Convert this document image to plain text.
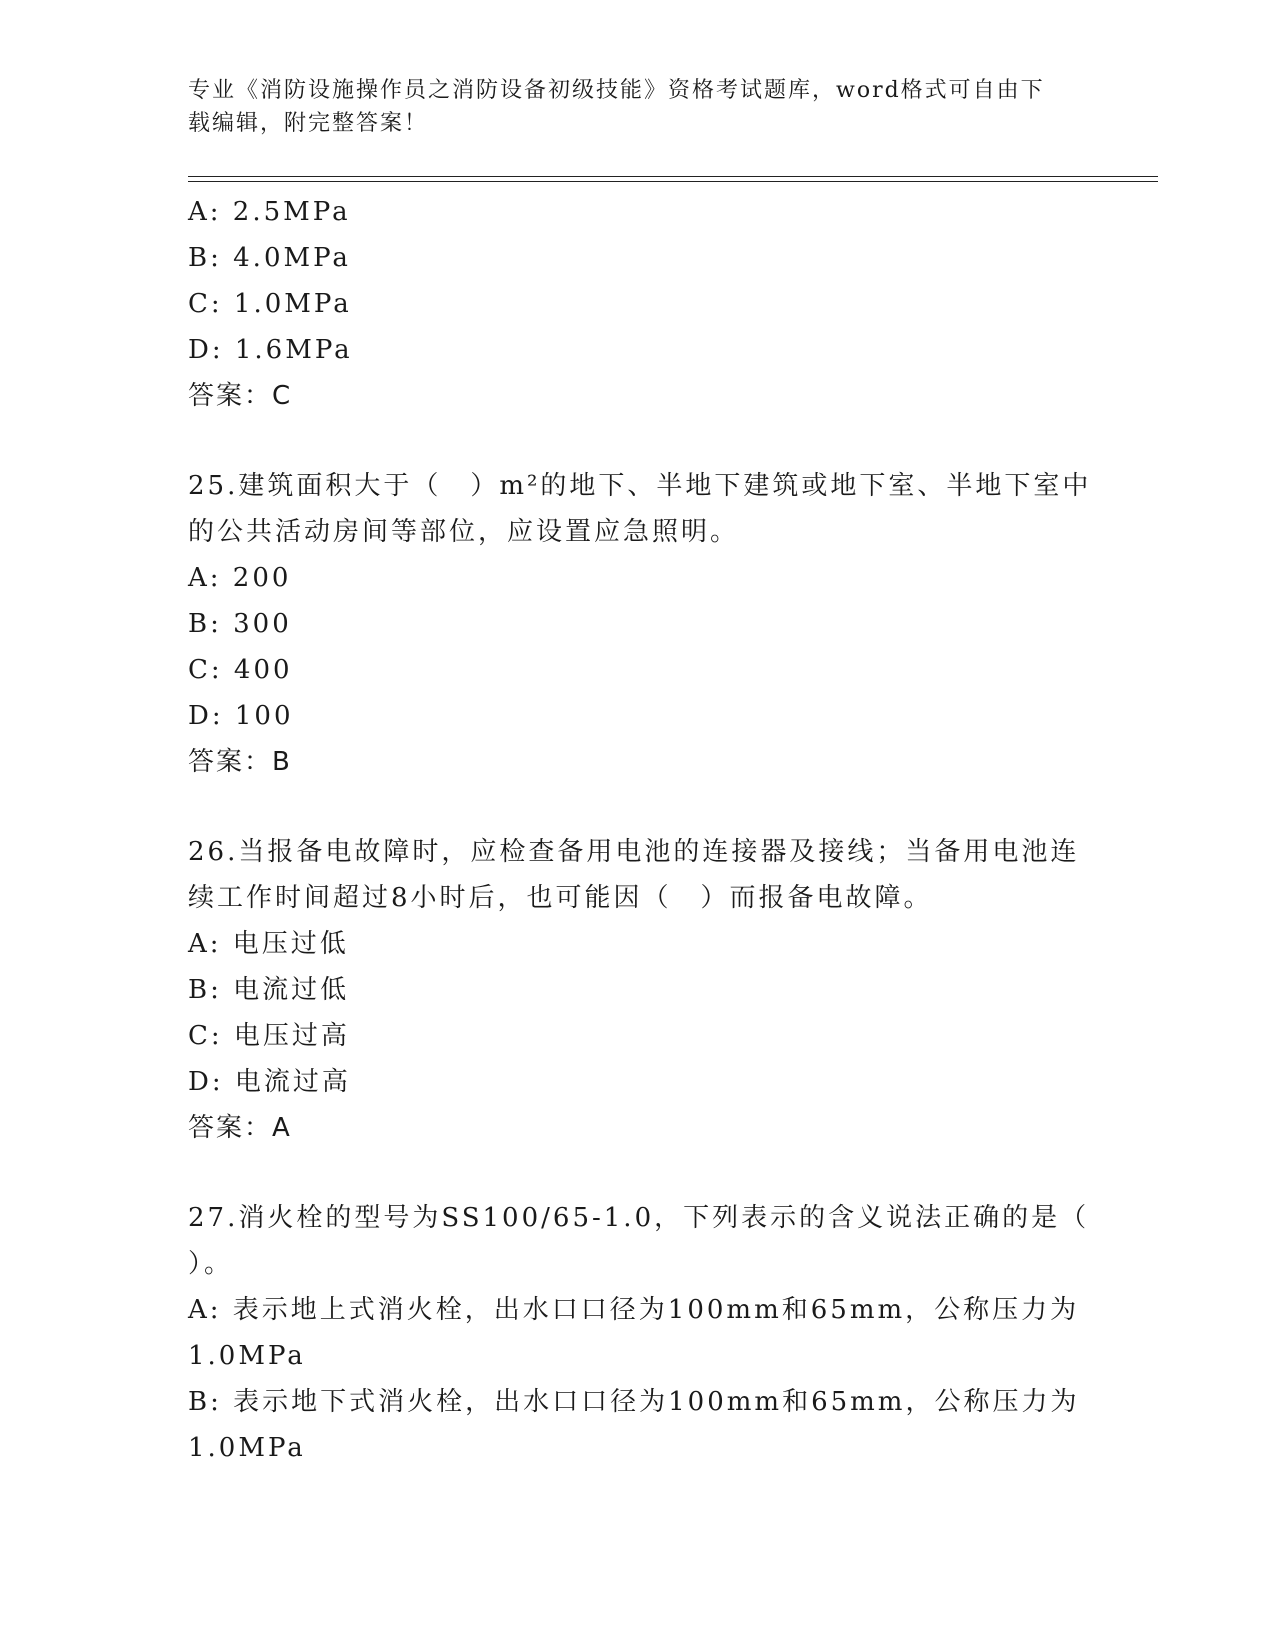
专业《消防设施操作员之消防设备初级技能》资格考试题库，word格式可自由下
载编辑，附完整答案！
A: 2.5MPa
B: 4.0MPa
C: 1.0MPa
D: 1.6MPa
答案：C
25.建筑面积大于（　）m²的地下、半地下建筑或地下室、半地下室中
的公共活动房间等部位，应设置应急照明。
A: 200
B: 300
C: 400
D: 100
答案：B
26.当报备电故障时，应检查备用电池的连接器及接线；当备用电池连
续工作时间超过8小时后，也可能因（　）而报备电故障。
A: 电压过低
B: 电流过低
C: 电压过高
D: 电流过高
答案：A
27.消火栓的型号为SS100/65-1.0，下列表示的含义说法正确的是（
）。
A: 表示地上式消火栓，出水口口径为100mm和65mm，公称压力为
1.0MPa
B: 表示地下式消火栓，出水口口径为100mm和65mm，公称压力为
1.0MPa
